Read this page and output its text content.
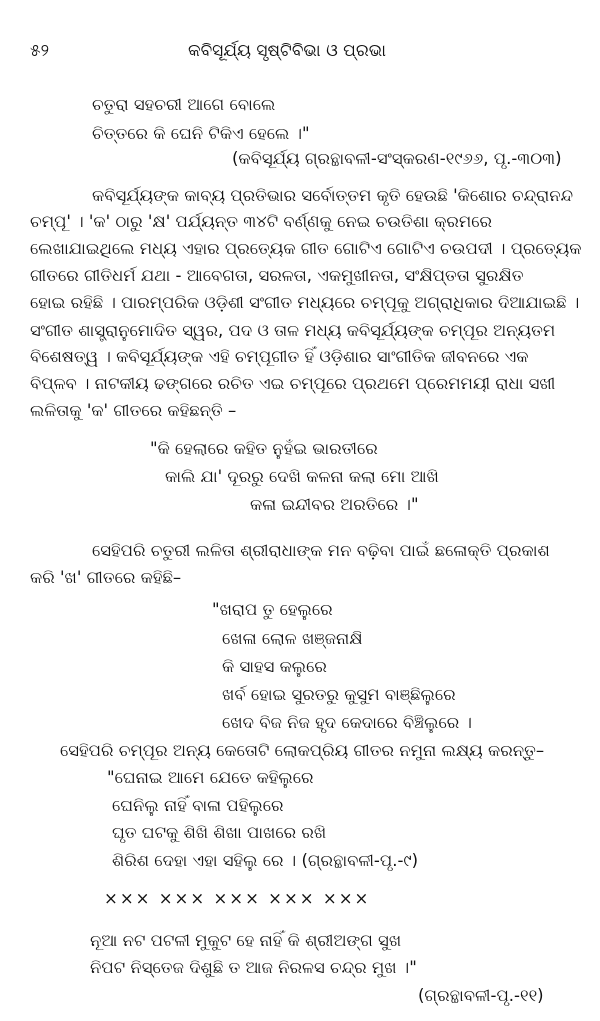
୫୨	କବିସୂର୍ଯ୍ୟ ସୃଷ୍ଟିବିଭା ଓ ପ୍ରଭା
ଚତୁରା ସହଚରୀ ଆଗେ ବୋଲେ
ଚିତ୍ତରେ କି ଘେନି ଟିକିଏ ହେଲେ ।"
(କବିସୂର୍ଯ୍ୟ ଗ୍ରନ୍ଥାବଳୀ-ସଂସ୍କରଣ-୧୯୬୬, ପୃ.-୩୦୩)
କବିସୂର୍ଯ୍ୟଙ୍କ କାବ୍ୟ ପ୍ରତିଭାର ସର୍ବୋତ୍ତମ କୃତି ହେଉଛି 'କିଶୋର ଚନ୍ଦ୍ରାନନ୍ଦ
ଚମ୍ପୂ' । 'କ' ଠାରୁ 'କ୍ଷ' ପର୍ଯ୍ୟନ୍ତ ୩୪ଟି ବର୍ଣ୍ଣକୁ ନେଇ ଚଉତିଶା କ୍ରମରେ
ଲେଖାଯାଇଥିଲେ ମଧ୍ୟ ଏହାର ପ୍ରତ୍ୟେକ ଗୀତ ଗୋଟିଏ ଗୋଟିଏ ଚଉପଦୀ । ପ୍ରତ୍ୟେକ
ଗୀତରେ ଗୀତିଧର୍ମ ଯଥା - ଆବେଗତା, ସରଳତା, ଏକମୁଖୀନତା, ସଂକ୍ଷିପ୍ତତା ସୁରକ୍ଷିତ
ହୋଇ ରହିଛି । ପାରମ୍ପରିକ ଓଡ଼ିଶୀ ସଂଗୀତ ମଧ୍ୟରେ ଚମ୍ପୂକୁ ଅଗ୍ରାଧିକାର ଦିଆଯାଇଛି ।
ସଂଗୀତ ଶାସ୍ତ୍ରାନୁମୋଦିତ ସ୍ୱର, ପଦ ଓ ତାଳ ମଧ୍ୟ କବିସୂର୍ଯ୍ୟଙ୍କ ଚମ୍ପୂର ଅନ୍ୟତମ
ବିଶେଷତ୍ୱ । କବିସୂର୍ଯ୍ୟଙ୍କ ଏହି ଚମ୍ପୂଗୀତ ହିଁ ଓଡ଼ିଶାର ସାଂଗୀତିକ ଜୀବନରେ ଏକ
ବିପ୍ଳବ । ନାଟକୀୟ ଢଙ୍ଗରେ ରଚିତ ଏଇ ଚମ୍ପୂରେ ପ୍ରଥମେ ପ୍ରେମମୟୀ ରାଧା ସଖୀ
ଲଳିତାକୁ 'କ' ଗୀତରେ କହିଛନ୍ତି –
"କି ହେଲାରେ କହିତ ନୁହଁଇ ଭାରତୀରେ
କାଲି ଯା' ଦୂରରୁ ଦେଖି କଳନା କଲା ମୋ ଆଖି
କଳା ଇନ୍ଦୀବର ଅରତିରେ ।"
ସେହିପରି ଚତୁରୀ ଲଳିତା ଶ୍ରୀରାଧାଙ୍କ ମନ ବଢ଼ିବା ପାଇଁ ଛଳୋକ୍ତି ପ୍ରକାଶ
କରି 'ଖ' ଗୀତରେ କହିଛି–
"ଖରାପ ତୁ ହେଲୁରେ
ଖେଳା ଲୋଳ ଖଞ୍ଜନାକ୍ଷି
କି ସାହସ କଲୁରେ
ଖର୍ବ ହୋଇ ସୁରତରୁ କୁସୁମ ବାଞ୍ଛିଲୁରେ
ଖେଦ ବିଜ ନିଜ ହୃଦ କେଦାରେ ବିଞ୍ଚିଲୁରେ ।
ସେହିପରି ଚମ୍ପୂର ଅନ୍ୟ କେତୋଟି ଲୋକପ୍ରିୟ ଗୀତର ନମୁନା ଲକ୍ଷ୍ୟ କରନ୍ତୁ–
"ଘେନାଇ ଆମେ ଯେତେ କହିଲୁରେ
ଘେନିଲୁ ନାହିଁ ବାଳା ପହିଲୁରେ
ଘୃତ ଘଟକୁ ଶିଖି ଶିଖା ପାଖରେ ରଖି
ଶିରିଶ ଦେହା ଏହା ସହିଲୁ ରେ । (ଗ୍ରନ୍ଥାବଳୀ-ପୃ.-୯)
××× ××× ××× ××× ×××
ନୂଆ ନଟ ପଟଳୀ ମୁକୁଟ ହେ ନାହିଁ କି ଶ୍ରୀଅଙ୍ଗ ସୁଖ
ନିପଟ ନିସ୍ତେଜ ଦିଶୁଛି ତ ଆଜ ନିରଳସ ଚନ୍ଦ୍ର ମୁଖ ।"
(ଗ୍ରନ୍ଥାବଳୀ-ପୃ.-୧୧)
